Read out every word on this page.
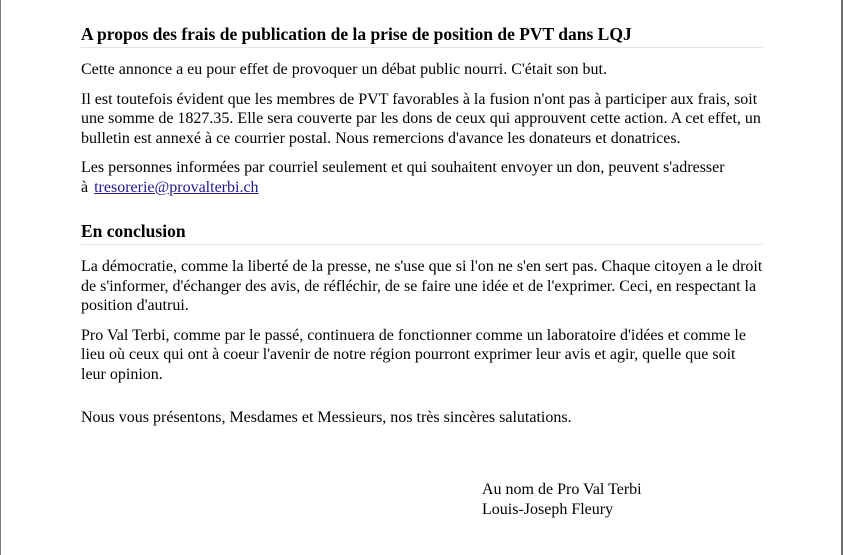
A propos des frais de publication de la prise de position de PVT dans LQJ

Cette annonce a eu pour effet de provoquer un débat public nourri. C'était son but.

Il est toutefois évident que les membres de PVT favorables à la fusion n'ont pas à participer aux frais, soit une somme de 1827.35. Elle sera couverte par les dons de ceux qui approuvent cette action. A cet effet, un bulletin est annexé à ce courrier postal. Nous remercions d'avance les donateurs et donatrices.

Les personnes informées par courriel seulement et qui souhaitent envoyer un don, peuvent s'adresser à tresorerie@provalterbi.ch

En conclusion

La démocratie, comme la liberté de la presse, ne s'use que si l'on ne s'en sert pas. Chaque citoyen a le droit de s'informer, d'échanger des avis, de réfléchir, de se faire une idée et de l'exprimer. Ceci, en respectant la position d'autrui.

Pro Val Terbi, comme par le passé, continuera de fonctionner comme un laboratoire d'idées et comme le lieu où ceux qui ont à coeur l'avenir de notre région pourront exprimer leur avis et agir, quelle que soit leur opinion.

Nous vous présentons, Mesdames et Messieurs, nos très sincères salutations.

Au nom de Pro Val Terbi
Louis-Joseph Fleury
